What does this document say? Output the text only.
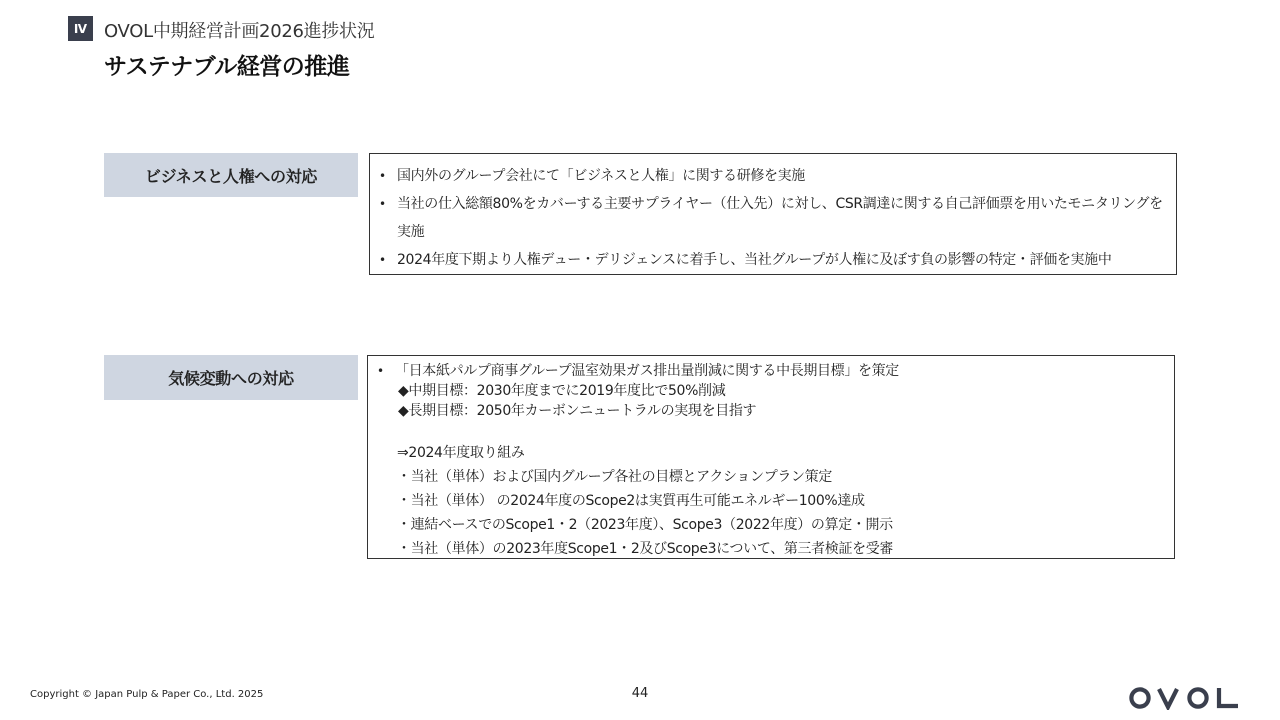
Ⅳ OVOL中期経営計画2026進捗状況
サステナブル経営の推進
ビジネスと人権への対応	• 国内外のグループ会社にて「ビジネスと人権」に関する研修を実施
• 当社の仕入総額80%をカバーする主要サプライヤー（仕入先）に対し、CSR調達に関する自己評価票を用いたモニタリングを実施
• 2024年度下期より人権デュー・デリジェンスに着手し、当社グループが人権に及ぼす負の影響の特定・評価を実施中
気候変動への対応	• 「日本紙パルプ商事グループ温室効果ガス排出量削減に関する中長期目標」を策定
◆中期目標：2030年度までに2019年度比で50%削減
◆長期目標：2050年カーボンニュートラルの実現を目指す
⇒2024年度取り組み
・当社（単体）および国内グループ各社の目標とアクションプラン策定
・当社（単体） の2024年度のScope2は実質再生可能エネルギー100%達成
・連結ベースでのScope1・2（2023年度）、Scope3（2022年度）の算定・開示
・当社（単体）の2023年度Scope1・2及びScope3について、第三者検証を受審
Copyright © Japan Pulp & Paper Co., Ltd. 2025	44
